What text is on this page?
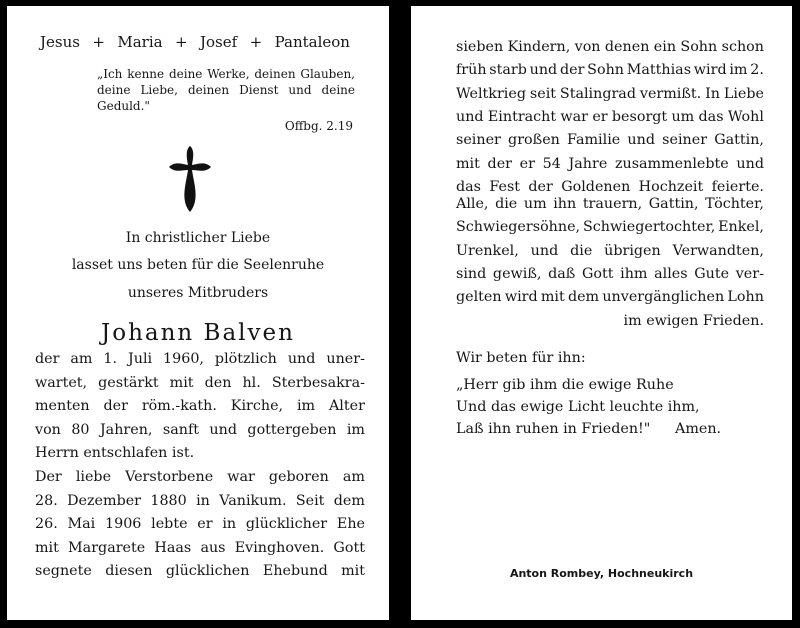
Jesus + Maria + Josef + Pantaleon
„Ich kenne deine Werke, deinen Glauben, deine Liebe, deinen Dienst und deine Geduld."
Offbg. 2.19
In christlicher Liebe
lasset uns beten für die Seelenruhe
unseres Mitbruders
Johann Balven
der am 1. Juli 1960, plötzlich und uner-
wartet, gestärkt mit den hl. Sterbesakra-
menten der röm.-kath. Kirche, im Alter
von 80 Jahren, sanft und gottergeben im
Herrn entschlafen ist.
Der liebe Verstorbene war geboren am
28. Dezember 1880 in Vanikum. Seit dem
26. Mai 1906 lebte er in glücklicher Ehe
mit Margarete Haas aus Evinghoven. Gott
segnete diesen glücklichen Ehebund mit
sieben Kindern, von denen ein Sohn schon
früh starb und der Sohn Matthias wird im 2.
Weltkrieg seit Stalingrad vermißt. In Liebe
und Eintracht war er besorgt um das Wohl
seiner großen Familie und seiner Gattin,
mit der er 54 Jahre zusammenlebte und
das Fest der Goldenen Hochzeit feierte.
Alle, die um ihn trauern, Gattin, Töchter,
Schwiegersöhne, Schwiegertochter, Enkel,
Urenkel, und die übrigen Verwandten,
sind gewiß, daß Gott ihm alles Gute ver-
gelten wird mit dem unvergänglichen Lohn
im ewigen Frieden.
Wir beten für ihn:
„Herr gib ihm die ewige Ruhe
Und das ewige Licht leuchte ihm,
Laß ihn ruhen in Frieden!" Amen.
Anton Rombey, Hochneukirch
